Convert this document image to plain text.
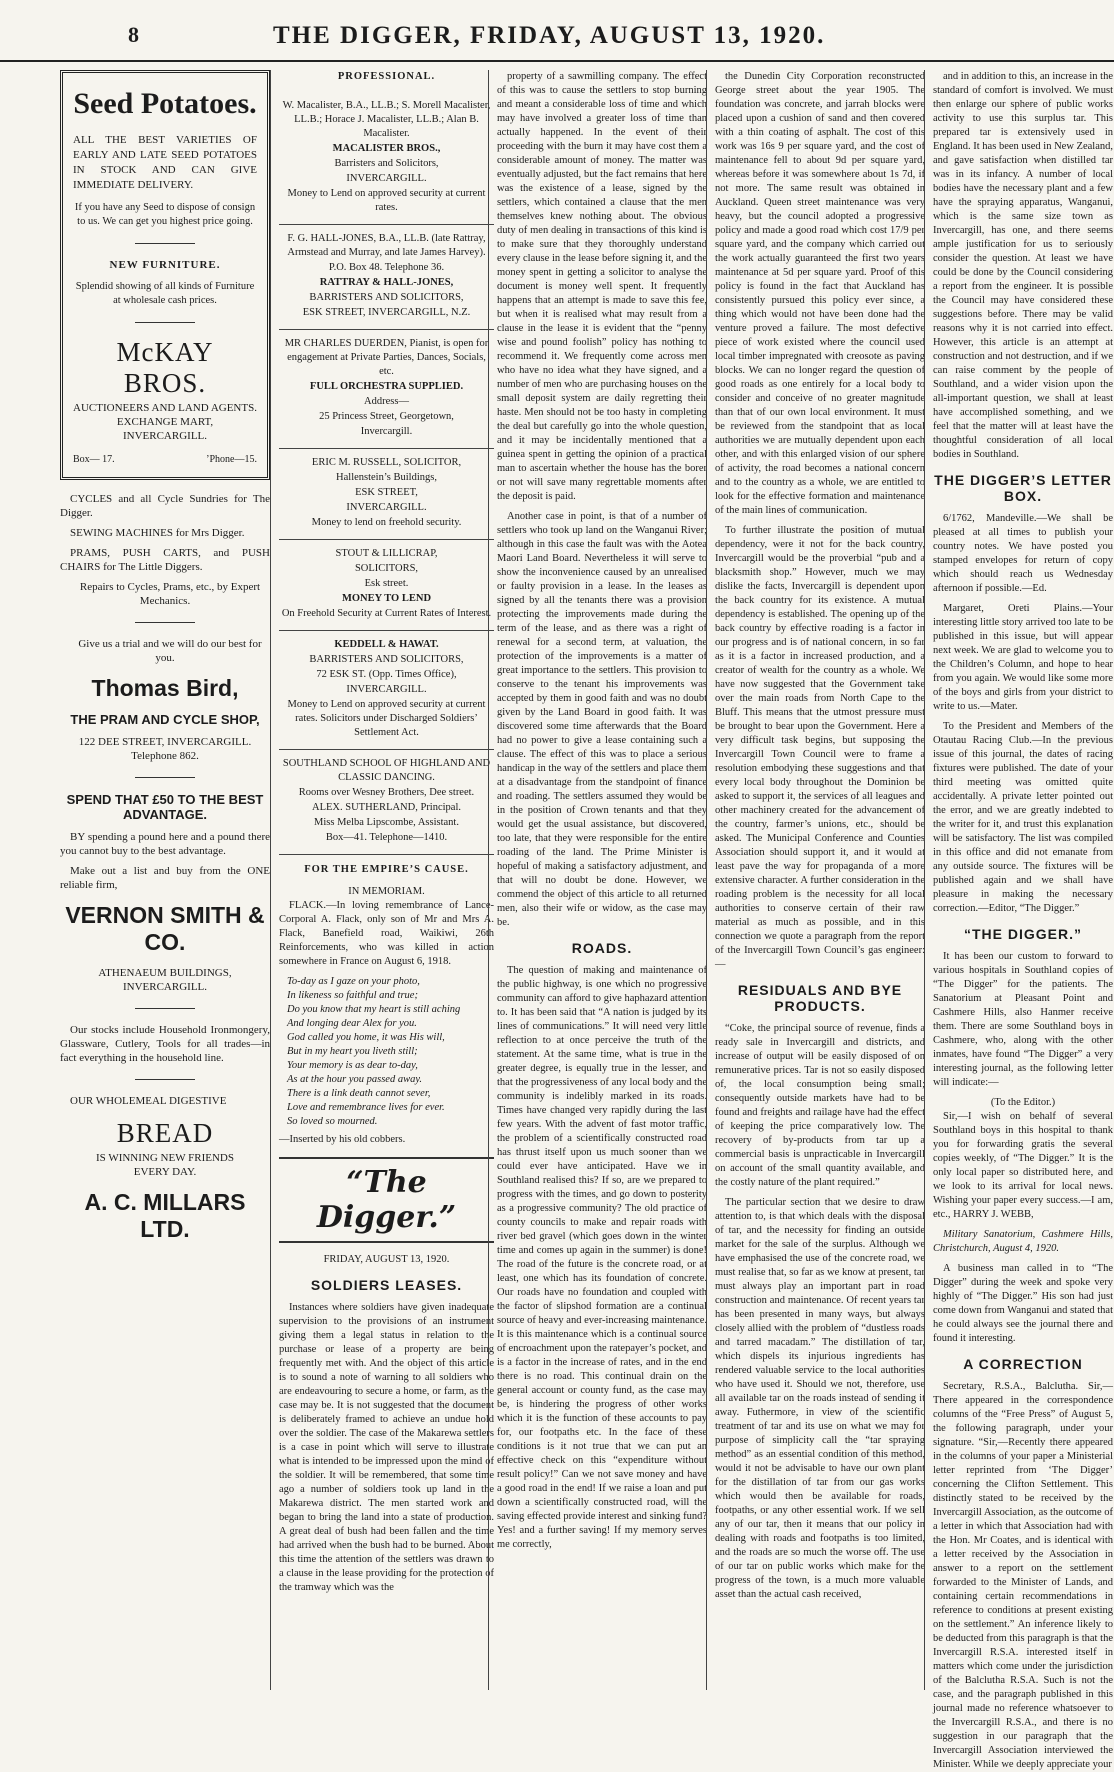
8	THE DIGGER, FRIDAY, AUGUST 13, 1920.
Seed Potatoes.
ALL THE BEST VARIETIES OF EARLY AND LATE SEED POTATOES IN STOCK AND CAN GIVE IMMEDIATE DELIVERY.
If you have any Seed to dispose of consign to us. We can get you highest price going.
NEW FURNITURE.
Splendid showing of all kinds of Furniture at wholesale cash prices.
McKAY BROS.
AUCTIONEERS AND LAND AGENTS.
EXCHANGE MART,
INVERCARGILL.
Box— 17.	’Phone—15.

CYCLES and all Cycle Sundries for The Digger.

SEWING MACHINES for Mrs Digger.

PRAMS, PUSH CARTS, and PUSH CHAIRS for The Little Diggers.

Repairs to Cycles, Prams, etc., by Expert Mechanics.

Give us a trial and we will do our best for you.

Thomas Bird,
THE PRAM AND CYCLE SHOP,
122 DEE STREET, INVERCARGILL.
Telephone 862.
SPEND THAT £50 TO THE BEST ADVANTAGE.

BY spending a pound here and a pound there you cannot buy to the best advantage.

Make out a list and buy from the ONE reliable firm,

VERNON SMITH & CO.
ATHENAEUM BUILDINGS,
INVERCARGILL.

Our stocks include Household Ironmongery, Glassware, Cutlery, Tools for all trades—in fact everything in the household line.

OUR WHOLEMEAL DIGESTIVE

BREAD
IS WINNING NEW FRIENDS
EVERY DAY.
A. C. MILLARS LTD.
PROFESSIONAL.
W. Macalister, B.A., LL.B.; S. Morell Macalister, LL.B.; Horace J. Macalister, LL.B.; Alan B. Macalister.
MACALISTER BROS.,
Barristers and Solicitors,
INVERCARGILL.
Money to Lend on approved security at current rates.
F. G. HALL-JONES, B.A., LL.B. (late Rattray, Armstead and Murray, and late James Harvey).
P.O. Box 48. Telephone 36.
RATTRAY & HALL-JONES,
BARRISTERS AND SOLICITORS,
ESK STREET, INVERCARGILL, N.Z.
MR CHARLES DUERDEN, Pianist, is open for engagement at Private Parties, Dances, Socials, etc.
FULL ORCHESTRA SUPPLIED.
Address—
25 Princess Street, Georgetown,
Invercargill.
ERIC M. RUSSELL, SOLICITOR,
Hallenstein’s Buildings,
ESK STREET,
INVERCARGILL.
Money to lend on freehold security.
STOUT & LILLICRAP,
SOLICITORS,
Esk street.
MONEY TO LEND
On Freehold Security at Current Rates of Interest.
KEDDELL & HAWAT.
BARRISTERS AND SOLICITORS,
72 ESK ST. (Opp. Times Office),
INVERCARGILL.
Money to Lend on approved security at current rates. Solicitors under Discharged Soldiers’ Settlement Act.
SOUTHLAND SCHOOL OF HIGHLAND AND CLASSIC DANCING.
Rooms over Wesney Brothers, Dee street.
ALEX. SUTHERLAND, Principal.
Miss Melba Lipscombe, Assistant.
Box—41. Telephone—1410.
FOR THE EMPIRE’S CAUSE.
IN MEMORIAM.

FLACK.—In loving remembrance of Lance-Corporal A. Flack, only son of Mr and Mrs A. Flack, Banefield road, Waikiwi, 26th Reinforcements, who was killed in action somewhere in France on August 6, 1918.

To-day as I gaze on your photo,
In likeness so faithful and true;
Do you know that my heart is still aching
And longing dear Alex for you.
God called you home, it was His will,
But in my heart you liveth still;
Your memory is as dear to-day,
As at the hour you passed away.
There is a link death cannot sever,
Love and remembrance lives for ever.
So loved so mourned.
—Inserted by his old cobbers.
“The Digger.”
FRIDAY, AUGUST 13, 1920.
SOLDIERS LEASES.

Instances where soldiers have given inadequate supervision to the provisions of an instrument giving them a legal status in relation to the purchase or lease of a property are being frequently met with. And the object of this article is to sound a note of warning to all soldiers who are endeavouring to secure a home, or farm, as the case may be. It is not suggested that the document is deliberately framed to achieve an undue hold over the soldier. The case of the Makarewa settlers is a case in point which will serve to illustrate what is intended to be impressed upon the mind of the soldier. It will be remembered, that some time ago a number of soldiers took up land in the Makarewa district. The men started work and began to bring the land into a state of production. A great deal of bush had been fallen and the time had arrived when the bush had to be burned. About this time the attention of the settlers was drawn to a clause in the lease providing for the protection of the tramway which was the

property of a sawmilling company. The effect of this was to cause the settlers to stop burning and meant a considerable loss of time and which may have involved a greater loss of time than actually happened. In the event of their proceeding with the burn it may have cost them a considerable amount of money. The matter was eventually adjusted, but the fact remains that here was the existence of a lease, signed by the settlers, which contained a clause that the men themselves knew nothing about. The obvious duty of men dealing in transactions of this kind is to make sure that they thoroughly understand every clause in the lease before signing it, and the money spent in getting a solicitor to analyse the document is money well spent. It frequently happens that an attempt is made to save this fee, but when it is realised what may result from a clause in the lease it is evident that the “penny wise and pound foolish” policy has nothing to recommend it. We frequently come across men who have no idea what they have signed, and a number of men who are purchasing houses on the small deposit system are daily regretting their haste. Men should not be too hasty in completing the deal but carefully go into the whole question, and it may be incidentally mentioned that a guinea spent in getting the opinion of a practical man to ascertain whether the house has the borer or not will save many regrettable moments after the deposit is paid.

Another case in point, is that of a number of settlers who took up land on the Wanganui River; although in this case the fault was with the Aotea Maori Land Board. Nevertheless it will serve to show the inconvenience caused by an unrealised or faulty provision in a lease. In the leases as signed by all the tenants there was a provision protecting the improvements made during the term of the lease, and as there was a right of renewal for a second term, at valuation, the protection of the improvements is a matter of great importance to the settlers. This provision to conserve to the tenant his improvements was accepted by them in good faith and was no doubt given by the Land Board in good faith. It was discovered some time afterwards that the Board had no power to give a lease containing such a clause. The effect of this was to place a serious handicap in the way of the settlers and place them at a disadvantage from the standpoint of finance and roading. The settlers assumed they would be in the position of Crown tenants and that they would get the usual assistance, but discovered, too late, that they were responsible for the entire roading of the land. The Prime Minister is hopeful of making a satisfactory adjustment, and that will no doubt be done. However, we commend the object of this article to all returned men, also their wife or widow, as the case may be.

ROADS.

The question of making and maintenance of the public highway, is one which no progressive community can afford to give haphazard attention to. It has been said that “A nation is judged by its lines of communications.” It will need very little reflection to at once perceive the truth of the statement. At the same time, what is true in the greater degree, is equally true in the lesser, and that the progressiveness of any local body and the community is indelibly marked in its roads. Times have changed very rapidly during the last few years. With the advent of fast motor traffic, the problem of a scientifically constructed road has thrust itself upon us much sooner than we could ever have anticipated. Have we in Southland realised this? If so, are we prepared to progress with the times, and go down to posterity as a progressive community? The old practice of county councils to make and repair roads with river bed gravel (which goes down in the winter time and comes up again in the summer) is done! The road of the future is the concrete road, or at least, one which has its foundation of concrete. Our roads have no foundation and coupled with the factor of slipshod formation are a continual source of heavy and ever-increasing maintenance. It is this maintenance which is a continual source of encroachment upon the ratepayer’s pocket, and is a factor in the increase of rates, and in the end there is no road. This continual drain on the general account or county fund, as the case may be, is hindering the progress of other works which it is the function of these accounts to pay for, our footpaths etc. In the face of these conditions is it not true that we can put an effective check on this “expenditure without result policy!” Can we not save money and have a good road in the end! If we raise a loan and put down a scientifically constructed road, will the saving effected provide interest and sinking fund? Yes! and a further saving! If my memory serves me correctly,

the Dunedin City Corporation reconstructed George street about the year 1905. The foundation was concrete, and jarrah blocks were placed upon a cushion of sand and then covered with a thin coating of asphalt. The cost of this work was 16s 9 per square yard, and the cost of maintenance fell to about 9d per square yard, whereas before it was somewhere about 1s 7d, if not more. The same result was obtained in Auckland. Queen street maintenance was very heavy, but the council adopted a progressive policy and made a good road which cost 17/9 per square yard, and the company which carried out the work actually guaranteed the first two years maintenance at 5d per square yard. Proof of this policy is found in the fact that Auckland has consistently pursued this policy ever since, a thing which would not have been done had the venture proved a failure. The most defective piece of work existed where the council used local timber impregnated with creosote as paving blocks. We can no longer regard the question of good roads as one entirely for a local body to consider and conceive of no greater magnitude than that of our own local environment. It must be reviewed from the standpoint that as local authorities we are mutually dependent upon each other, and with this enlarged vision of our sphere of activity, the road becomes a national concern and to the country as a whole, we are entitled to look for the effective formation and maintenance of the main lines of communication.

To further illustrate the position of mutual dependency, were it not for the back country, Invercargill would be the proverbial “pub and a blacksmith shop.” However, much we may dislike the facts, Invercargill is dependent upon the back country for its existence. A mutual dependency is established. The opening up of the back country by effective roading is a factor in our progress and is of national concern, in so far as it is a factor in increased production, and a creator of wealth for the country as a whole. We have now suggested that the Government take over the main roads from North Cape to the Bluff. This means that the utmost pressure must be brought to bear upon the Government. Here a very difficult task begins, but supposing the Invercargill Town Council were to frame a resolution embodying these suggestions and that every local body throughout the Dominion be asked to support it, the services of all leagues and other machinery created for the advancement of the country, farmer’s unions, etc., should be asked. The Municipal Conference and Counties Association should support it, and it would at least pave the way for propaganda of a more extensive character. A further consideration in the roading problem is the necessity for all local authorities to conserve certain of their raw material as much as possible, and in this connection we quote a paragraph from the report of the Invercargill Town Council’s gas engineer:—

RESIDUALS AND BYE PRODUCTS.

“Coke, the principal source of revenue, finds a ready sale in Invercargill and districts, and increase of output will be easily disposed of on remunerative prices. Tar is not so easily disposed of, the local consumption being small; consequently outside markets have had to be found and freights and railage have had the effect of keeping the price comparatively low. The recovery of by-products from tar up a commercial basis is unpracticable in Invercargill on account of the small quantity available, and the costly nature of the plant required.”

The particular section that we desire to draw attention to, is that which deals with the disposal of tar, and the necessity for finding an outside market for the sale of the surplus. Although we have emphasised the use of the concrete road, we must realise that, so far as we know at present, tar must always play an important part in road construction and maintenance. Of recent years tar has been presented in many ways, but always closely allied with the problem of “dustless roads and tarred macadam.” The distillation of tar, which dispels its injurious ingredients has rendered valuable service to the local authorities who have used it. Should we not, therefore, use all available tar on the roads instead of sending it away. Futhermore, in view of the scientific treatment of tar and its use on what we may for purpose of simplicity call the “tar spraying method” as an essential condition of this method, would it not be advisable to have our own plant for the distillation of tar from our gas works which would then be available for roads, footpaths, or any other essential work. If we sell any of our tar, then it means that our policy in dealing with roads and footpaths is too limited, and the roads are so much the worse off. The use of our tar on public works which make for the progress of the town, is a much more valuable asset than the actual cash received,

and in addition to this, an increase in the standard of comfort is involved. We must then enlarge our sphere of public works activity to use this surplus tar. This prepared tar is extensively used in England. It has been used in New Zealand, and gave satisfaction when distilled tar was in its infancy. A number of local bodies have the necessary plant and a few have the spraying apparatus, Wanganui, which is the same size town as Invercargill, has one, and there seems ample justification for us to seriously consider the question. At least we have could be done by the Council considering a report from the engineer. It is possible the Council may have considered these suggestions before. There may be valid reasons why it is not carried into effect. However, this article is an attempt at construction and not destruction, and if we can raise comment by the people of Southland, and a wider vision upon the all-important question, we shall at least have accomplished something, and we feel that the matter will at least have the thoughtful consideration of all local bodies in Southland.

THE DIGGER’S LETTER BOX.

6/1762, Mandeville.—We shall be pleased at all times to publish your country notes. We have posted you stamped envelopes for return of copy which should reach us Wednesday afternoon if possible.—Ed.

Margaret, Oreti Plains.—Your interesting little story arrived too late to be published in this issue, but will appear next week. We are glad to welcome you to the Children’s Column, and hope to hear from you again. We would like some more of the boys and girls from your district to write to us.—Mater.

To the President and Members of the Otautau Racing Club.—In the previous issue of this journal, the dates of racing fixtures were published. The date of your third meeting was omitted quite accidentally. A private letter pointed out the error, and we are greatly indebted to the writer for it, and trust this explanation will be satisfactory. The list was compiled in this office and did not emanate from any outside source. The fixtures will be published again and we shall have pleasure in making the necessary correction.—Editor, “The Digger.”

“THE DIGGER.”

It has been our custom to forward to various hospitals in Southland copies of “The Digger” for the patients. The Sanatorium at Pleasant Point and Cashmere Hills, also Hanmer receive them. There are some Southland boys in Cashmere, who, along with the other inmates, have found “The Digger” a very interesting journal, as the following letter will indicate:—

(To the Editor.)

Sir,—I wish on behalf of several Southland boys in this hospital to thank you for forwarding gratis the several copies weekly, of “The Digger.” It is the only local paper so distributed here, and we look to its arrival for local news. Wishing your paper every success.—I am, etc., HARRY J. WEBB,

Military Sanatorium, Cashmere Hills, Christchurch, August 4, 1920.

A business man called in to “The Digger” during the week and spoke very highly of “The Digger.” His son had just come down from Wanganui and stated that he could always see the journal there and found it interesting.

A CORRECTION

Secretary, R.S.A., Balclutha. Sir,—There appeared in the correspondence columns of the “Free Press” of August 5, the following paragraph, under your signature. “Sir,—Recently there appeared in the columns of your paper a Ministerial letter reprinted from ‘The Digger’ concerning the Clifton Settlement. This distinctly stated to be received by the Invercargill Association, as the outcome of a letter in which that Association had with the Hon. Mr Coates, and is identical with a letter received by the Association in answer to a report on the settlement forwarded to the Minister of Lands, and containing certain recommendations in reference to conditions at present existing on the settlement.” An inference likely to be deducted from this paragraph is that the Invercargill R.S.A. interested itself in matters which come under the jurisdiction of the Balclutha R.S.A. Such is not the case, and the paragraph published in this journal made no reference whatsoever to the Invercargill R.S.A., and there is no suggestion in our paragraph that the Invercargill Association interviewed the Minister. While we deeply appreciate your
